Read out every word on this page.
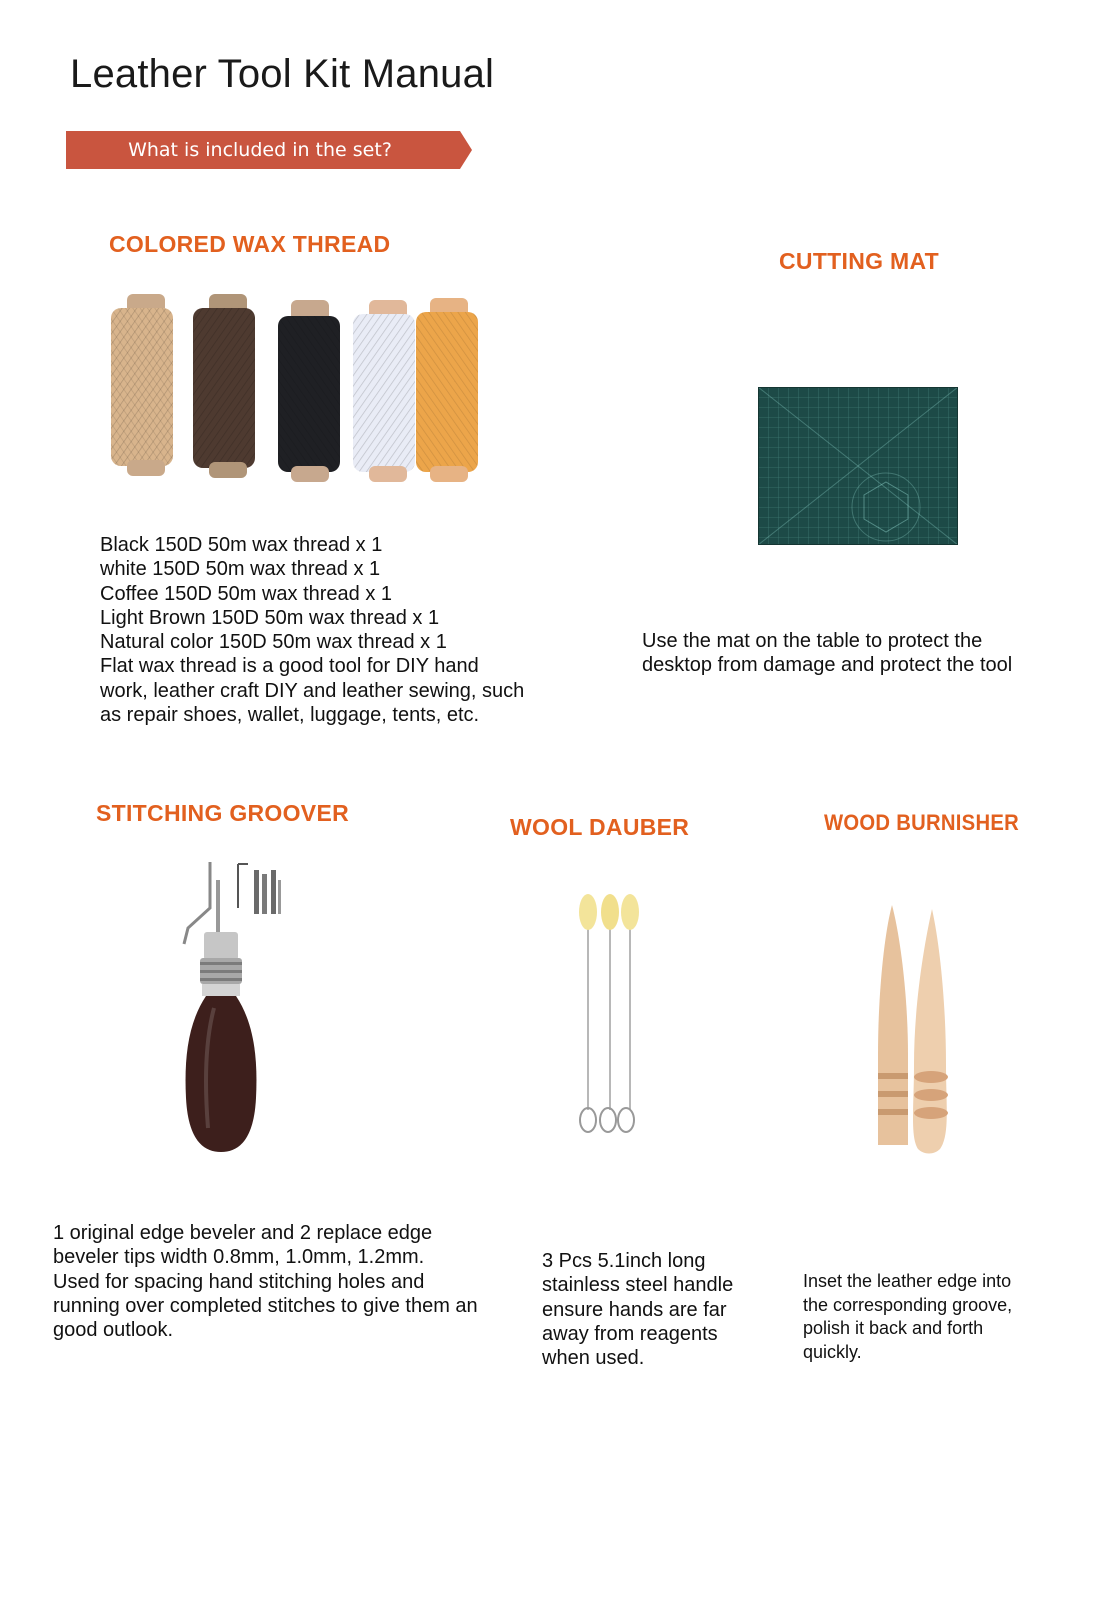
Leather Tool Kit Manual
What is included in the set?
COLORED WAX THREAD
Black 150D 50m wax thread x 1
white 150D 50m wax thread x 1
Coffee 150D 50m wax thread x 1
Light Brown 150D 50m wax thread x 1
Natural color 150D 50m wax thread x 1
Flat wax thread is a good tool for DIY hand
work, leather craft DIY and leather sewing, such
as repair shoes, wallet, luggage, tents, etc.
CUTTING MAT
Use the mat on the table to protect the
desktop from damage and protect the tool
STITCHING GROOVER
1 original edge beveler and 2 replace edge
beveler tips width 0.8mm, 1.0mm, 1.2mm.
Used for spacing hand stitching holes and
running over completed stitches to give them an
good outlook.
WOOL DAUBER
3 Pcs 5.1inch long
stainless steel handle
ensure hands are far
away from reagents
when used.
WOOD BURNISHER
Inset the leather edge into
the corresponding groove,
polish it back and forth
quickly.
